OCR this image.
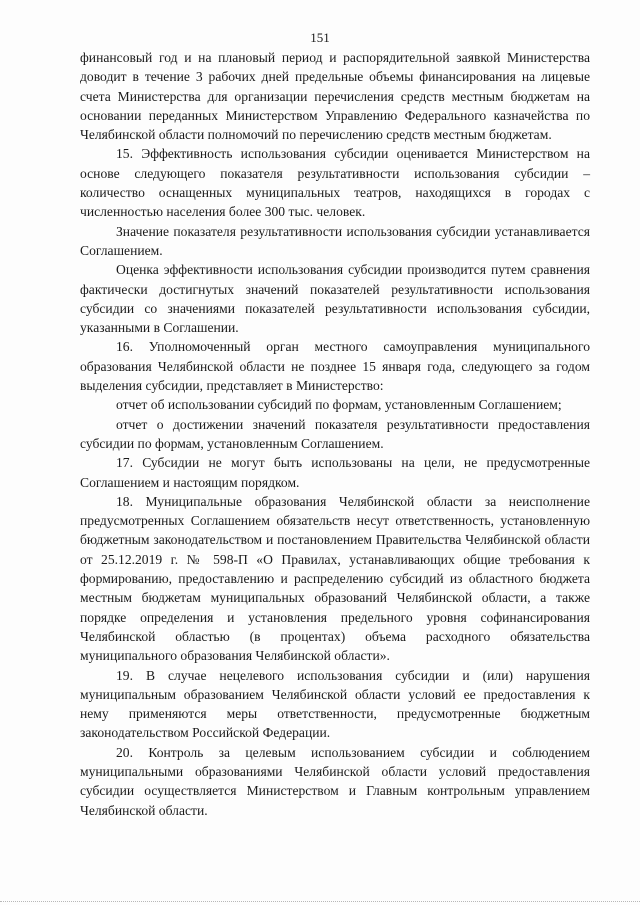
151

финансовый год и на плановый период и распорядительной заявкой Министерства доводит в течение 3 рабочих дней предельные объемы финансирования на лицевые счета Министерства для организации перечисления средств местным бюджетам на основании переданных Министерством Управлению Федерального казначейства по Челябинской области полномочий по перечислению средств местным бюджетам.

15. Эффективность использования субсидии оценивается Министерством на основе следующего показателя результативности использования субсидии – количество оснащенных муниципальных театров, находящихся в городах с численностью населения более 300 тыс. человек.

Значение показателя результативности использования субсидии устанавливается Соглашением.

Оценка эффективности использования субсидии производится путем сравнения фактически достигнутых значений показателей результативности использования субсидии со значениями показателей результативности использования субсидии, указанными в Соглашении.

16. Уполномоченный орган местного самоуправления муниципального образования Челябинской области не позднее 15 января года, следующего за годом выделения субсидии, представляет в Министерство:

отчет об использовании субсидий по формам, установленным Соглашением;

отчет о достижении значений показателя результативности предоставления субсидии по формам, установленным Соглашением.

17. Субсидии не могут быть использованы на цели, не предусмотренные Соглашением и настоящим порядком.

18. Муниципальные образования Челябинской области за неисполнение предусмотренных Соглашением обязательств несут ответственность, установленную бюджетным законодательством и постановлением Правительства Челябинской области от 25.12.2019 г. № 598-П «О Правилах, устанавливающих общие требования к формированию, предоставлению и распределению субсидий из областного бюджета местным бюджетам муниципальных образований Челябинской области, а также порядке определения и установления предельного уровня софинансирования Челябинской областью (в процентах) объема расходного обязательства муниципального образования Челябинской области».

19. В случае нецелевого использования субсидии и (или) нарушения муниципальным образованием Челябинской области условий ее предоставления к нему применяются меры ответственности, предусмотренные бюджетным законодательством Российской Федерации.

20. Контроль за целевым использованием субсидии и соблюдением муниципальными образованиями Челябинской области условий предоставления субсидии осуществляется Министерством и Главным контрольным управлением Челябинской области.
